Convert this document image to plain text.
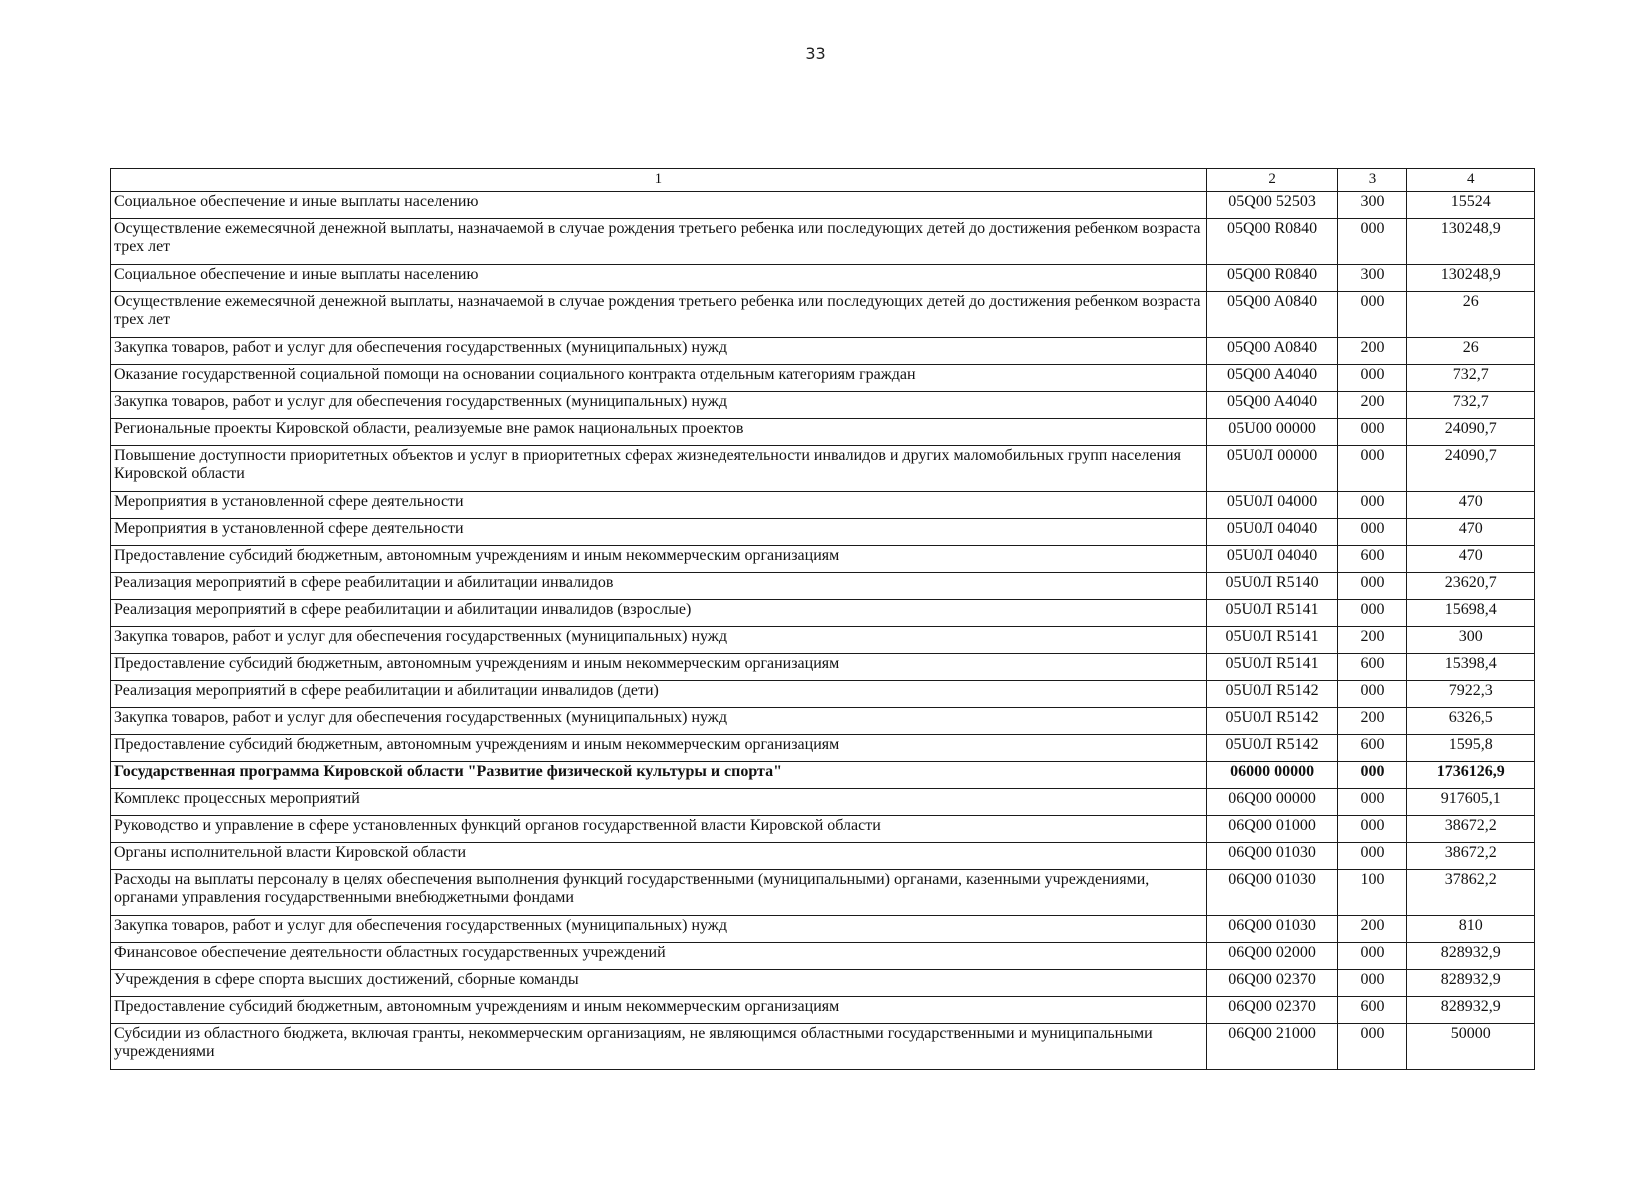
33
1	2	3	4
Социальное обеспечение и иные выплаты населению	05Q00 52503	300	15524
Осуществление ежемесячной денежной выплаты, назначаемой в случае рождения третьего ребенка или последующих детей до достижения ребенком возраста трех лет	05Q00 R0840	000	130248,9
Социальное обеспечение и иные выплаты населению	05Q00 R0840	300	130248,9
Осуществление ежемесячной денежной выплаты, назначаемой в случае рождения третьего ребенка или последующих детей до достижения ребенком возраста трех лет	05Q00 A0840	000	26
Закупка товаров, работ и услуг для обеспечения государственных (муниципальных) нужд	05Q00 A0840	200	26
Оказание государственной социальной помощи на основании социального контракта отдельным категориям граждан	05Q00 A4040	000	732,7
Закупка товаров, работ и услуг для обеспечения государственных (муниципальных) нужд	05Q00 A4040	200	732,7
Региональные проекты Кировской области, реализуемые вне рамок национальных проектов	05U00 00000	000	24090,7
Повышение доступности приоритетных объектов и услуг в приоритетных сферах жизнедеятельности инвалидов и других маломобильных групп населения Кировской области	05U0Л 00000	000	24090,7
Мероприятия в установленной сфере деятельности	05U0Л 04000	000	470
Мероприятия в установленной сфере деятельности	05U0Л 04040	000	470
Предоставление субсидий бюджетным, автономным учреждениям и иным некоммерческим организациям	05U0Л 04040	600	470
Реализация мероприятий в сфере реабилитации и абилитации инвалидов	05U0Л R5140	000	23620,7
Реализация мероприятий в сфере реабилитации и абилитации инвалидов (взрослые)	05U0Л R5141	000	15698,4
Закупка товаров, работ и услуг для обеспечения государственных (муниципальных) нужд	05U0Л R5141	200	300
Предоставление субсидий бюджетным, автономным учреждениям и иным некоммерческим организациям	05U0Л R5141	600	15398,4
Реализация мероприятий в сфере реабилитации и абилитации инвалидов (дети)	05U0Л R5142	000	7922,3
Закупка товаров, работ и услуг для обеспечения государственных (муниципальных) нужд	05U0Л R5142	200	6326,5
Предоставление субсидий бюджетным, автономным учреждениям и иным некоммерческим организациям	05U0Л R5142	600	1595,8
Государственная программа Кировской области "Развитие физической культуры и спорта"	06000 00000	000	1736126,9
Комплекс процессных мероприятий	06Q00 00000	000	917605,1
Руководство и управление в сфере установленных функций органов государственной власти Кировской области	06Q00 01000	000	38672,2
Органы исполнительной власти Кировской области	06Q00 01030	000	38672,2
Расходы на выплаты персоналу в целях обеспечения выполнения функций государственными (муниципальными) органами, казенными учреждениями, органами управления государственными внебюджетными фондами	06Q00 01030	100	37862,2
Закупка товаров, работ и услуг для обеспечения государственных (муниципальных) нужд	06Q00 01030	200	810
Финансовое обеспечение деятельности областных государственных учреждений	06Q00 02000	000	828932,9
Учреждения в сфере спорта высших достижений, сборные команды	06Q00 02370	000	828932,9
Предоставление субсидий бюджетным, автономным учреждениям и иным некоммерческим организациям	06Q00 02370	600	828932,9
Субсидии из областного бюджета, включая гранты, некоммерческим организациям, не являющимся областными государственными и муниципальными учреждениями	06Q00 21000	000	50000
